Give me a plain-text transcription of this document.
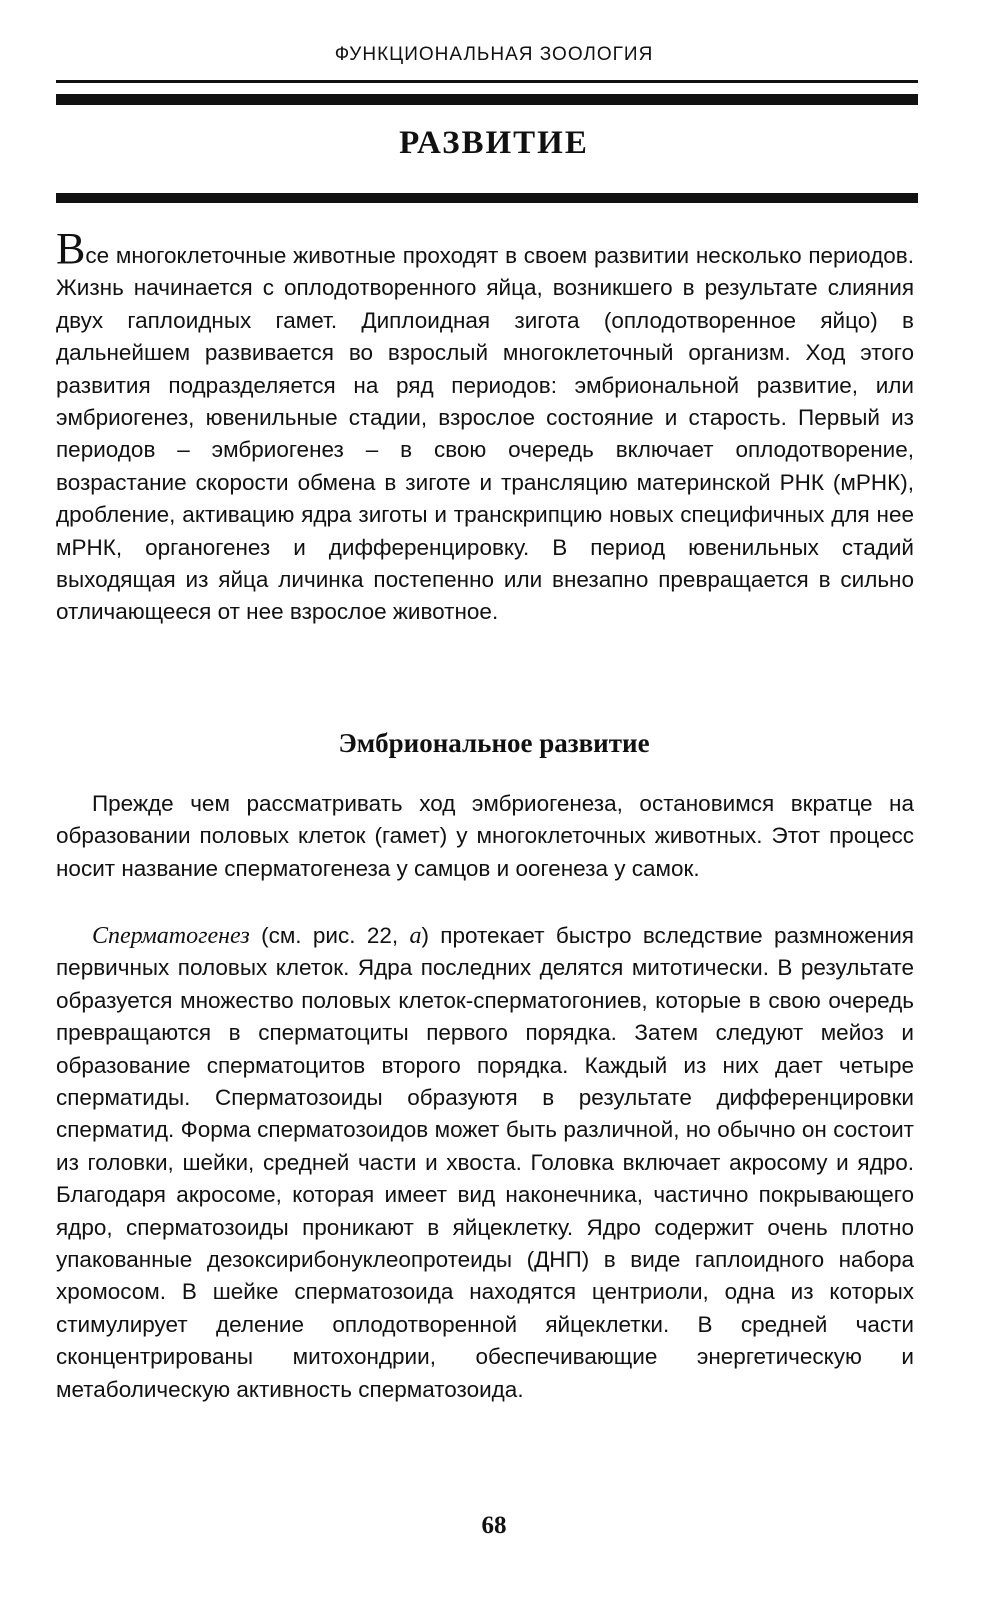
ФУНКЦИОНАЛЬНАЯ ЗООЛОГИЯ
РАЗВИТИЕ

Все многоклеточные животные проходят в своем развитии несколько периодов. Жизнь начинается с оплодотворенного яйца, возникшего в результате слияния двух гаплоидных гамет. Диплоидная зигота (оплодотворенное яйцо) в дальнейшем развивается во взрослый многоклеточный организм. Ход этого развития подразделяется на ряд периодов: эмбриональной развитие, или эмбриогенез, ювенильные стадии, взрослое состояние и старость. Первый из периодов – эмбриогенез – в свою очередь включает оплодотворение, возрастание скорости обмена в зиготе и трансляцию материнской РНК (мРНК), дробление, активацию ядра зиготы и транскрипцию новых специфичных для нее мРНК, органогенез и дифференцировку. В период ювенильных стадий выходящая из яйца личинка постепенно или внезапно превращается в сильно отличающееся от нее взрослое животное.

Эмбриональное развитие

Прежде чем рассматривать ход эмбриогенеза, остановимся вкратце на образовании половых клеток (гамет) у многоклеточных животных. Этот процесс носит название сперматогенеза у самцов и оогенеза у самок.

Сперматогенез (см. рис. 22, а) протекает быстро вследствие размножения первичных половых клеток. Ядра последних делятся митотически. В результате образуется множество половых клеток-сперматогониев, которые в свою очередь превращаются в сперматоциты первого порядка. Затем следуют мейоз и образование сперматоцитов второго порядка. Каждый из них дает четыре сперматиды. Сперматозоиды образуютя в результате дифференцировки сперматид. Форма сперматозоидов может быть различной, но обычно он состоит из головки, шейки, средней части и хвоста. Головка включает акросому и ядро. Благодаря акросоме, которая имеет вид наконечника, частично покрывающего ядро, сперматозоиды проникают в яйцеклетку. Ядро содержит очень плотно упакованные дезоксирибонуклеопротеиды (ДНП) в виде гаплоидного набора хромосом. В шейке сперматозоида находятся центриоли, одна из которых стимулирует деление оплодотворенной яйцеклетки. В средней части сконцентрированы митохондрии, обеспечивающие энергетическую и метаболическую активность сперматозоида.

68
